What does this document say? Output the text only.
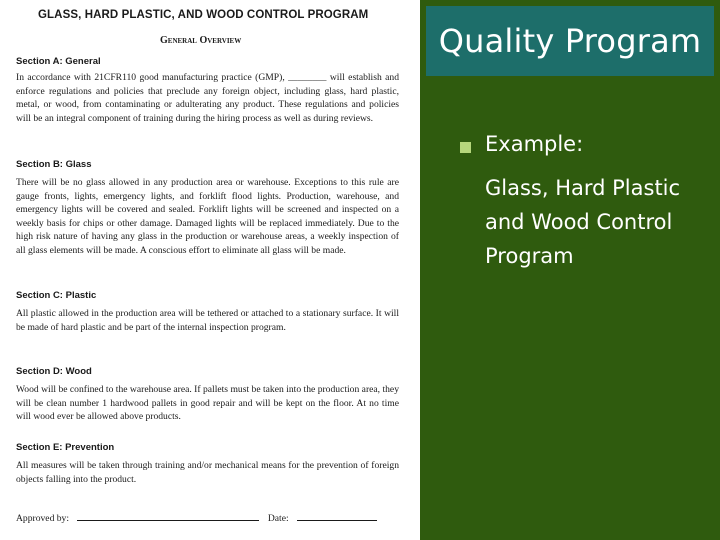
GLASS, HARD PLASTIC, AND WOOD CONTROL PROGRAM
General Overview
Section A: General

In accordance with 21CFR110 good manufacturing practice (GMP), ________ will establish and enforce regulations and policies that preclude any foreign object, including glass, hard plastic, metal, or wood, from contaminating or adulterating any product. These regulations and policies will be an integral component of training during the hiring process as well as during reviews.

Section B: Glass

There will be no glass allowed in any production area or warehouse. Exceptions to this rule are gauge fronts, lights, emergency lights, and forklift flood lights. Production, warehouse, and emergency lights will be covered and sealed. Forklift lights will be screened and inspected on a weekly basis for chips or other damage. Damaged lights will be replaced immediately. Due to the high risk nature of having any glass in the production or warehouse areas, a weekly inspection of all glass elements will be made. A conscious effort to eliminate all glass will be made.

Section C: Plastic

All plastic allowed in the production area will be tethered or attached to a stationary surface. It will be made of hard plastic and be part of the internal inspection program.

Section D: Wood

Wood will be confined to the warehouse area. If pallets must be taken into the production area, they will be clean number 1 hardwood pallets in good repair and will be kept on the floor. At no time will wood ever be allowed above products.

Section E: Prevention

All measures will be taken through training and/or mechanical means for the prevention of foreign objects falling into the product.

Approved by:	Date:
Quality Program
Example:
Glass, Hard Plastic and Wood Control Program
